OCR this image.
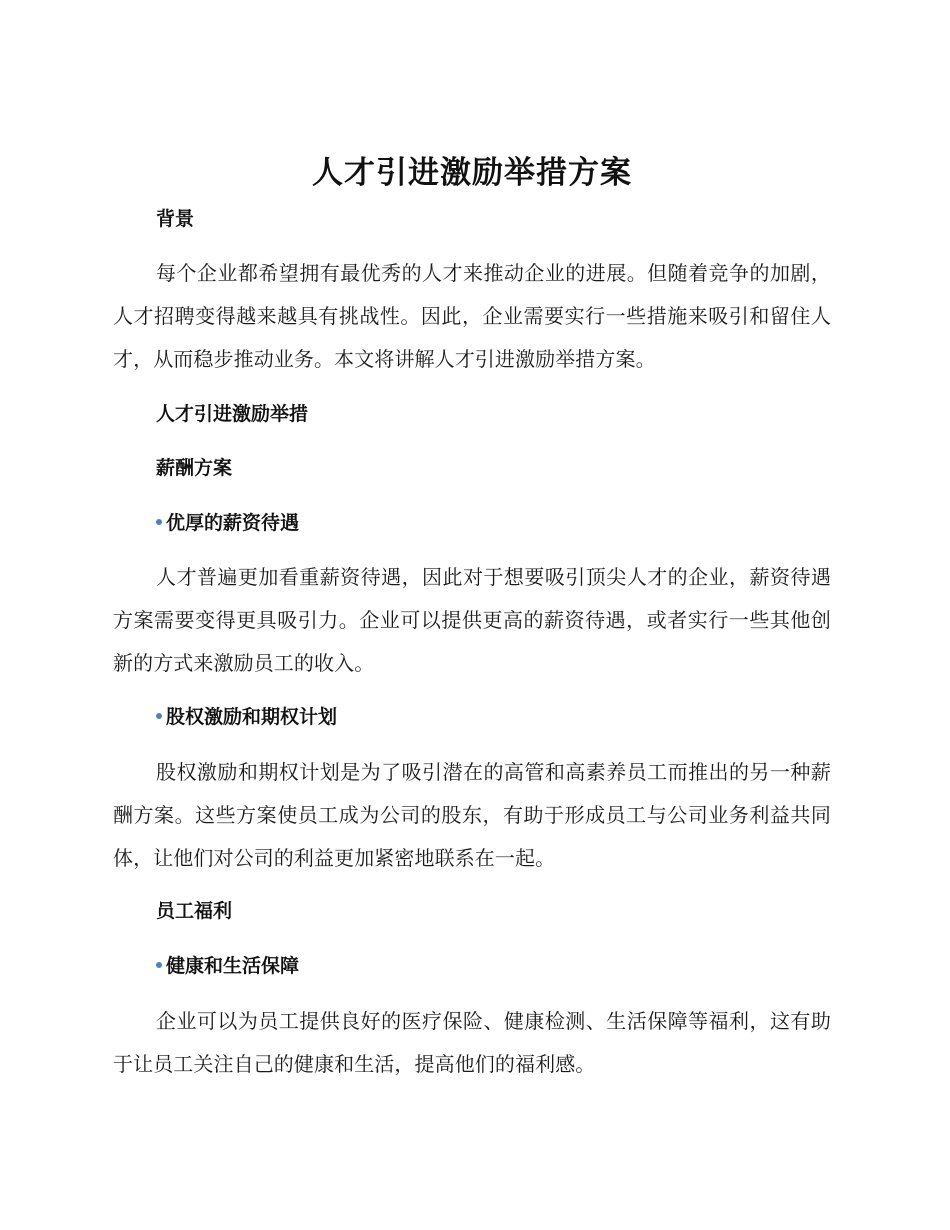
人才引进激励举措方案
背景
每个企业都希望拥有最优秀的人才来推动企业的进展。但随着竞争的加剧，人才招聘变得越来越具有挑战性。因此，企业需要实行一些措施来吸引和留住人才，从而稳步推动业务。本文将讲解人才引进激励举措方案。
人才引进激励举措
薪酬方案
优厚的薪资待遇
人才普遍更加看重薪资待遇，因此对于想要吸引顶尖人才的企业，薪资待遇方案需要变得更具吸引力。企业可以提供更高的薪资待遇，或者实行一些其他创新的方式来激励员工的收入。
股权激励和期权计划
股权激励和期权计划是为了吸引潜在的高管和高素养员工而推出的另一种薪酬方案。这些方案使员工成为公司的股东，有助于形成员工与公司业务利益共同体，让他们对公司的利益更加紧密地联系在一起。
员工福利
健康和生活保障
企业可以为员工提供良好的医疗保险、健康检测、生活保障等福利，这有助于让员工关注自己的健康和生活，提高他们的福利感。
